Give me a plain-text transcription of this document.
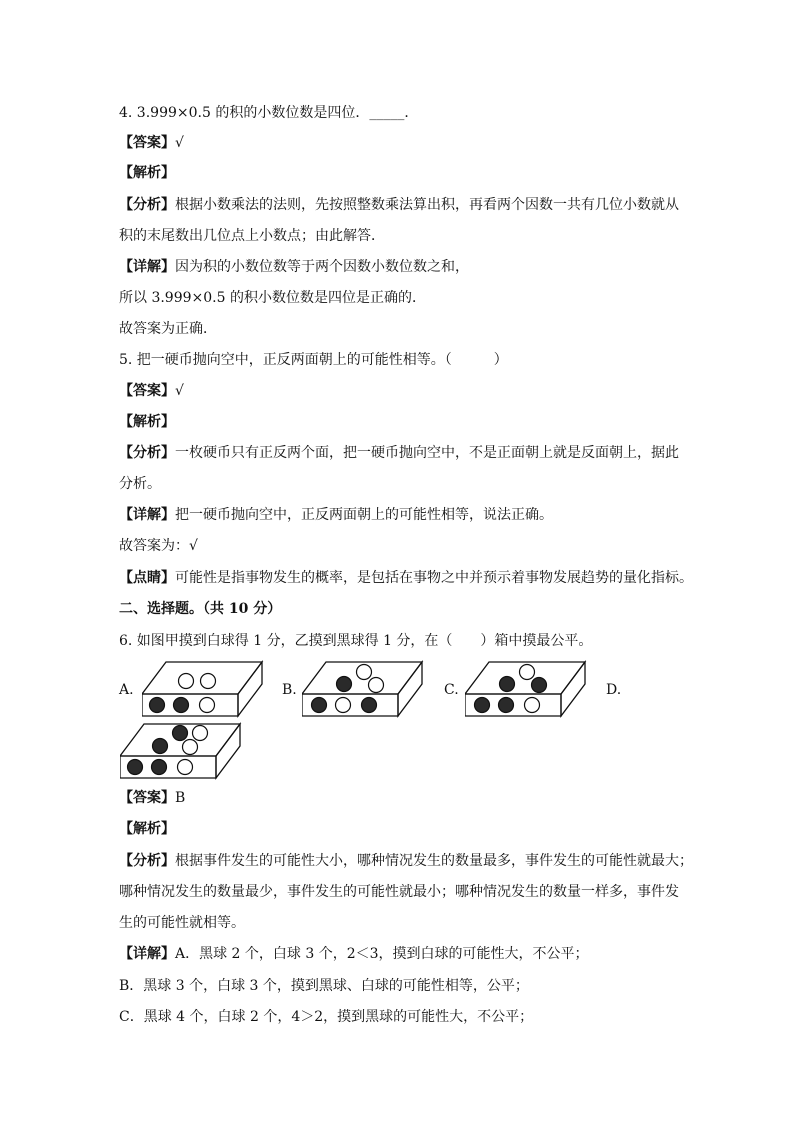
4. 3.999×0.5 的积的小数位数是四位．_____．
【答案】√
【解析】
【分析】根据小数乘法的法则，先按照整数乘法算出积，再看两个因数一共有几位小数就从
积的末尾数出几位点上小数点；由此解答．
【详解】因为积的小数位数等于两个因数小数位数之和，
所以 3.999×0.5 的积小数位数是四位是正确的．
故答案为正确．
5. 把一硬币抛向空中，正反两面朝上的可能性相等。（　　　）
【答案】√
【解析】
【分析】一枚硬币只有正反两个面，把一硬币抛向空中，不是正面朝上就是反面朝上，据此
分析。
【详解】把一硬币抛向空中，正反两面朝上的可能性相等，说法正确。
故答案为：√
【点睛】可能性是指事物发生的概率，是包括在事物之中并预示着事物发展趋势的量化指标。
二、选择题。（共 10 分）
6. 如图甲摸到白球得 1 分，乙摸到黑球得 1 分，在（　　）箱中摸最公平。
A.	B.	C.	D.
【答案】B
【解析】
【分析】根据事件发生的可能性大小，哪种情况发生的数量最多，事件发生的可能性就最大；
哪种情况发生的数量最少，事件发生的可能性就最小；哪种情况发生的数量一样多，事件发
生的可能性就相等。
【详解】A．黑球 2 个，白球 3 个，2＜3，摸到白球的可能性大，不公平；
B．黑球 3 个，白球 3 个，摸到黑球、白球的可能性相等，公平；
C．黑球 4 个，白球 2 个，4＞2，摸到黑球的可能性大，不公平；
